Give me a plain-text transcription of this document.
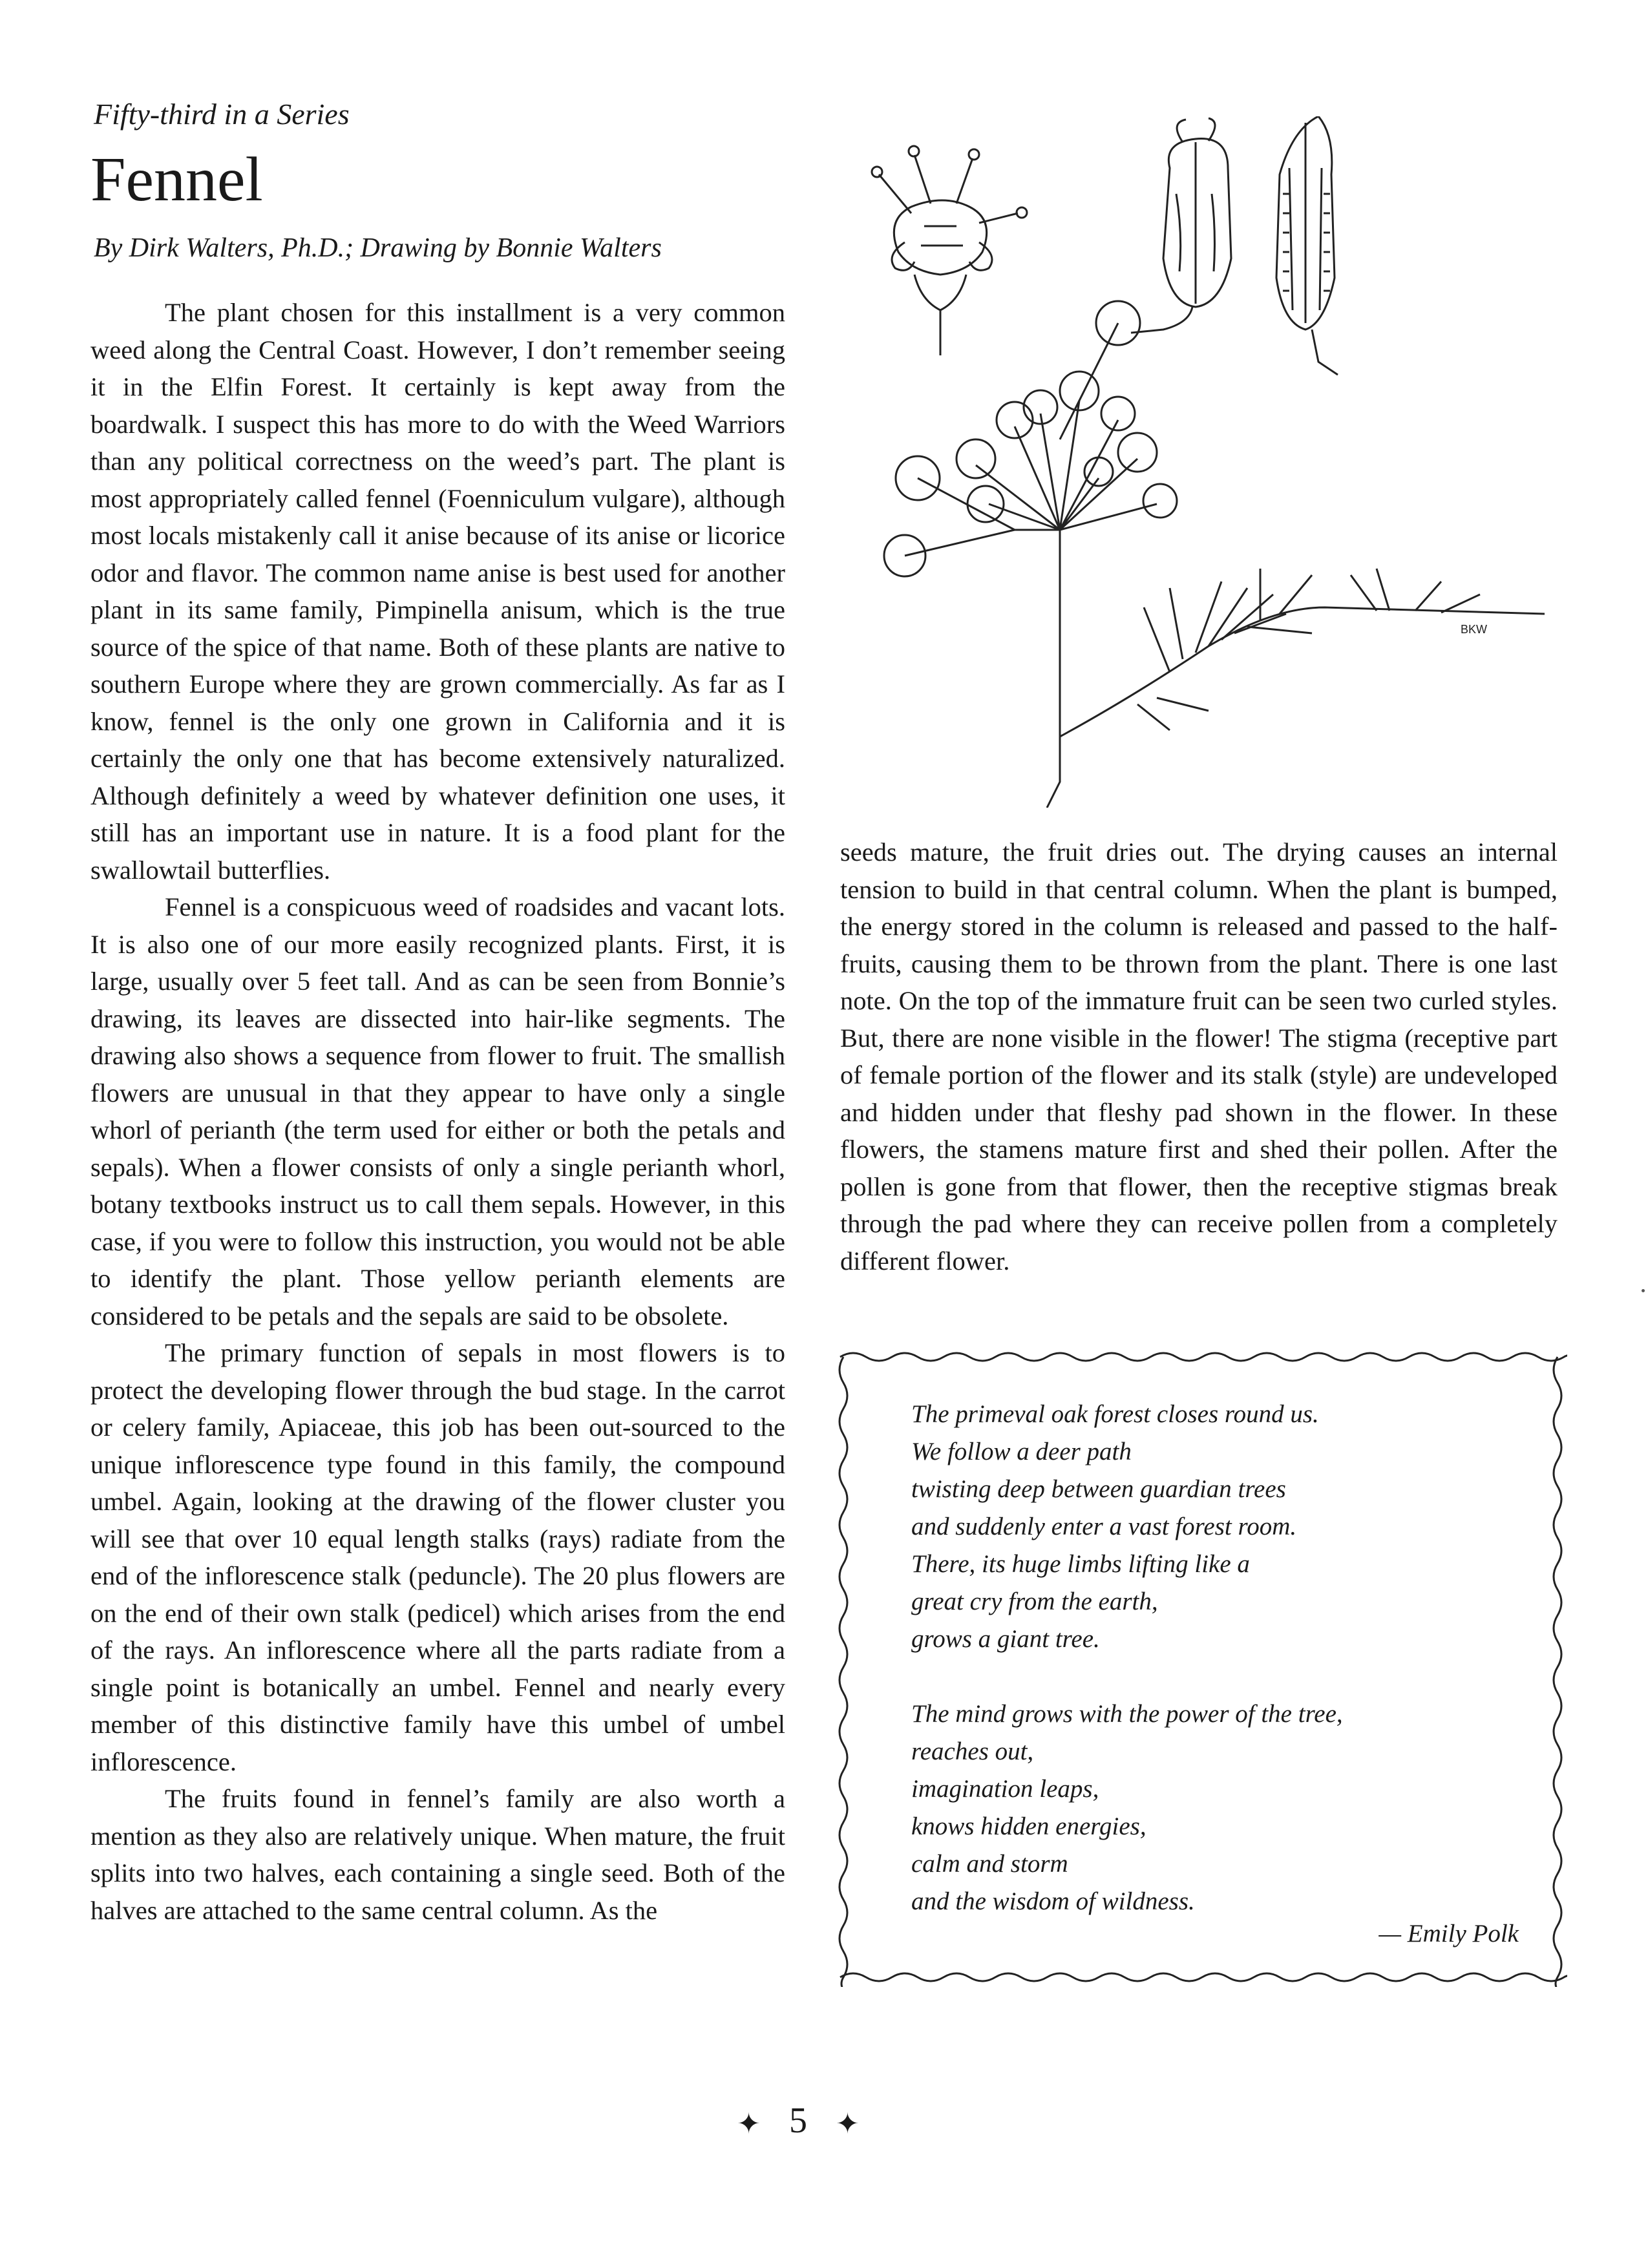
Fifty-third in a Series
Fennel
By Dirk Walters, Ph.D.; Drawing by Bonnie Walters

The plant chosen for this installment is a very common weed along the Central Coast. However, I don’t remember seeing it in the Elfin Forest. It certainly is kept away from the boardwalk. I suspect this has more to do with the Weed Warriors than any political correctness on the weed’s part. The plant is most appropriately called fennel (Foenniculum vulgare), although most locals mistakenly call it anise because of its anise or licorice odor and flavor. The common name anise is best used for another plant in its same family, Pimpinella anisum, which is the true source of the spice of that name. Both of these plants are native to southern Europe where they are grown commercially. As far as I know, fennel is the only one grown in California and it is certainly the only one that has become extensively naturalized. Although definitely a weed by whatever definition one uses, it still has an important use in nature. It is a food plant for the swallowtail butterflies.

Fennel is a conspicuous weed of roadsides and vacant lots. It is also one of our more easily recognized plants. First, it is large, usually over 5 feet tall. And as can be seen from Bonnie’s drawing, its leaves are dissected into hair-like segments. The drawing also shows a sequence from flower to fruit. The smallish flowers are unusual in that they appear to have only a single whorl of perianth (the term used for either or both the petals and sepals). When a flower consists of only a single perianth whorl, botany textbooks instruct us to call them sepals. However, in this case, if you were to follow this instruction, you would not be able to identify the plant. Those yellow perianth elements are considered to be petals and the sepals are said to be obsolete.

The primary function of sepals in most flowers is to protect the developing flower through the bud stage. In the carrot or celery family, Apiaceae, this job has been out-sourced to the unique inflorescence type found in this family, the compound umbel. Again, looking at the drawing of the flower cluster you will see that over 10 equal length stalks (rays) radiate from the end of the inflorescence stalk (peduncle). The 20 plus flowers are on the end of their own stalk (pedicel) which arises from the end of the rays. An inflorescence where all the parts radiate from a single point is botanically an umbel. Fennel and nearly every member of this distinctive family have this umbel of umbel inflorescence.

The fruits found in fennel’s family are also worth a mention as they also are relatively unique. When mature, the fruit splits into two halves, each containing a single seed. Both of the halves are attached to the same central column. As the

BKW

seeds mature, the fruit dries out. The drying causes an internal tension to build in that central column. When the plant is bumped, the energy stored in the column is released and passed to the half-fruits, causing them to be thrown from the plant. There is one last note. On the top of the immature fruit can be seen two curled styles. But, there are none visible in the flower! The stigma (receptive part of female portion of the flower and its stalk (style) are undeveloped and hidden under that fleshy pad shown in the flower. In these flowers, the stamens mature first and shed their pollen. After the pollen is gone from that flower, then the receptive stigmas break through the pad where they can receive pollen from a completely different flower.

The primeval oak forest closes round us.
We follow a deer path
twisting deep between guardian trees
and suddenly enter a vast forest room.
There, its huge limbs lifting like a
great cry from the earth,
grows a giant tree.
The mind grows with the power of the tree,
reaches out,
imagination leaps,
knows hidden energies,
calm and storm
and the wisdom of wildness.
— Emily Polk
✦ 5 ✦
